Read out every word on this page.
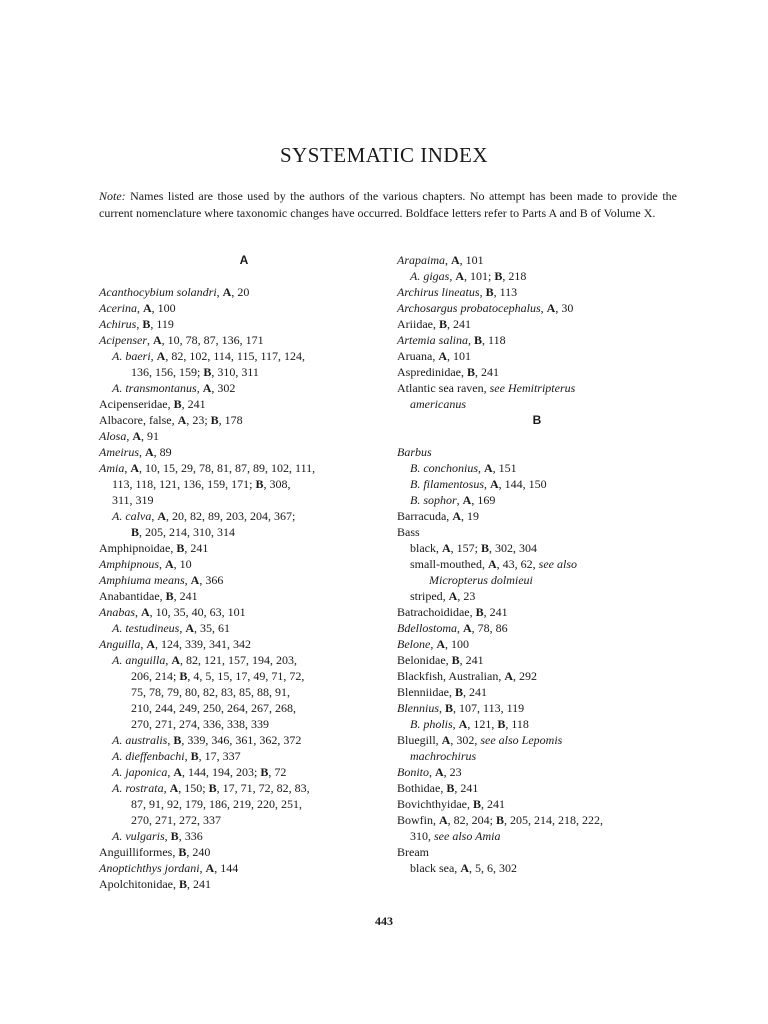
SYSTEMATIC INDEX

Note: Names listed are those used by the authors of the various chapters. No attempt has been made to provide the current nomenclature where taxonomic changes have occurred. Boldface letters refer to Parts A and B of Volume X.

A
Acanthocybium solandri, A, 20
Acerina, A, 100
Achirus, B, 119
Acipenser, A, 10, 78, 87, 136, 171
A. baeri, A, 82, 102, 114, 115, 117, 124,
136, 156, 159; B, 310, 311
A. transmontanus, A, 302
Acipenseridae, B, 241
Albacore, false, A, 23; B, 178
Alosa, A, 91
Ameirus, A, 89
Amia, A, 10, 15, 29, 78, 81, 87, 89, 102, 111,
113, 118, 121, 136, 159, 171; B, 308,
311, 319
A. calva, A, 20, 82, 89, 203, 204, 367;
B, 205, 214, 310, 314
Amphipnoidae, B, 241
Amphipnous, A, 10
Amphiuma means, A, 366
Anabantidae, B, 241
Anabas, A, 10, 35, 40, 63, 101
A. testudineus, A, 35, 61
Anguilla, A, 124, 339, 341, 342
A. anguilla, A, 82, 121, 157, 194, 203,
206, 214; B, 4, 5, 15, 17, 49, 71, 72,
75, 78, 79, 80, 82, 83, 85, 88, 91,
210, 244, 249, 250, 264, 267, 268,
270, 271, 274, 336, 338, 339
A. australis, B, 339, 346, 361, 362, 372
A. dieffenbachi, B, 17, 337
A. japonica, A, 144, 194, 203; B, 72
A. rostrata, A, 150; B, 17, 71, 72, 82, 83,
87, 91, 92, 179, 186, 219, 220, 251,
270, 271, 272, 337
A. vulgaris, B, 336
Anguilliformes, B, 240
Anoptichthys jordani, A, 144
Apolchitonidae, B, 241
Arapaima, A, 101
A. gigas, A, 101; B, 218
Archirus lineatus, B, 113
Archosargus probatocephalus, A, 30
Ariidae, B, 241
Artemia salina, B, 118
Aruana, A, 101
Aspredinidae, B, 241
Atlantic sea raven, see Hemitripterus
americanus
B
Barbus
B. conchonius, A, 151
B. filamentosus, A, 144, 150
B. sophor, A, 169
Barracuda, A, 19
Bass
black, A, 157; B, 302, 304
small-mouthed, A, 43, 62, see also
Micropterus dolmieui
striped, A, 23
Batrachoididae, B, 241
Bdellostoma, A, 78, 86
Belone, A, 100
Belonidae, B, 241
Blackfish, Australian, A, 292
Blenniidae, B, 241
Blennius, B, 107, 113, 119
B. pholis, A, 121, B, 118
Bluegill, A, 302, see also Lepomis
machrochirus
Bonito, A, 23
Bothidae, B, 241
Bovichthyidae, B, 241
Bowfin, A, 82, 204; B, 205, 214, 218, 222,
310, see also Amia
Bream
black sea, A, 5, 6, 302
443
